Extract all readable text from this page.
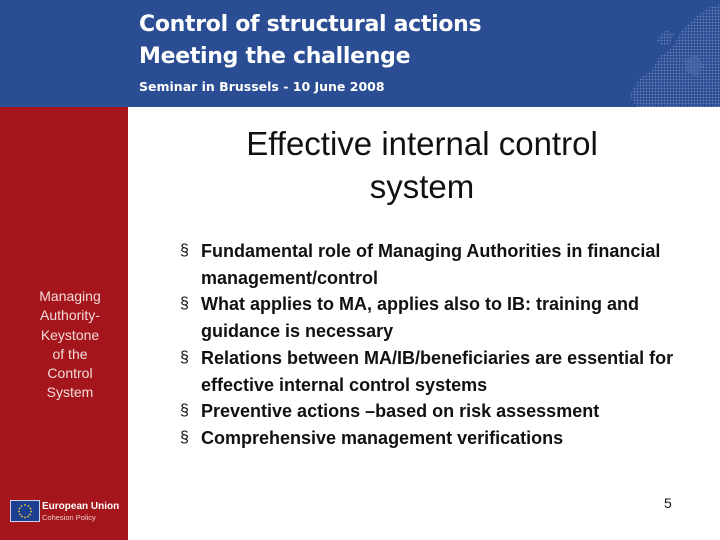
Control of structural actions
Meeting the challenge
Seminar in Brussels - 10 June 2008
Managing
Authority-
Keystone
of the
Control
System
European Union
Cohesion Policy
Effective internal control system
§ Fundamental role of Managing Authorities in financial management/control
§ What applies to MA, applies also to IB: training and guidance is necessary
§ Relations between MA/IB/beneficiaries are essential for effective internal control systems
§ Preventive actions –based on risk assessment
§ Comprehensive management verifications
5
